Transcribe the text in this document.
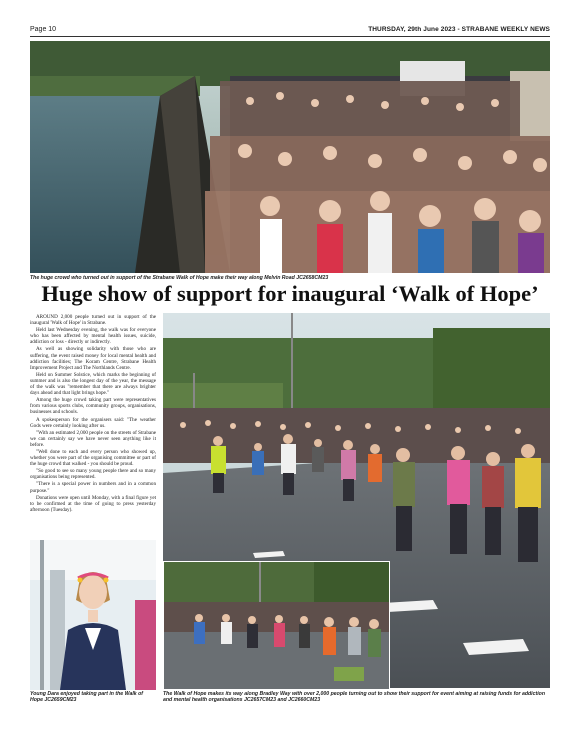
Page 10	THURSDAY, 29th June 2023 - STRABANE WEEKLY NEWS
The huge crowd who turned out in support of the Strabane Walk of Hope make their way along Melvin Road JC2658CM23
Huge show of support for inaugural ‘Walk of Hope’

AROUND 2,000 people turned out in support of the inaugural 'Walk of Hope' in Strabane.

Held last Wednesday evening, the walk was for everyone who has been affected by mental health issues, suicide, addiction or loss - directly or indirectly.

As well as showing solidarity with those who are suffering, the event raised money for local mental health and addiction facilities; The Koram Centre, Strabane Health Improvement Project and The Northlands Centre.

Held on Summer Solstice, which marks the beginning of summer and is also the longest day of the year, the message of the walk was "remember that there are always brighter days ahead and that light brings hope."

Among the huge crowd taking part were representatives from various sports clubs, community groups, organisations, businesses and schools.

A spokesperson for the organisers said: "The weather Gods were certainly looking after us.

"With an estimated 2,000 people on the streets of Strabane we can certainly say we have never seen anything like it before.

"Well done to each and every person who showed up, whether you were part of the organising committee or part of the huge crowd that walked - you should be proud.

"So good to see so many young people there and so many organisations being represented.

"There is a special power in numbers and in a common purpose."

Donations were open until Monday, with a final figure yet to be confirmed at the time of going to press yesterday afternoon (Tuesday).

Young Dara enjoyed taking part in the Walk of Hope JC2659CM23
The Walk of Hope makes its way along Bradley Way with over 2,000 people turning out to show their support for event aiming at raising funds for addiction and mental health organisations JC2657CM23 and JC2660CM23
